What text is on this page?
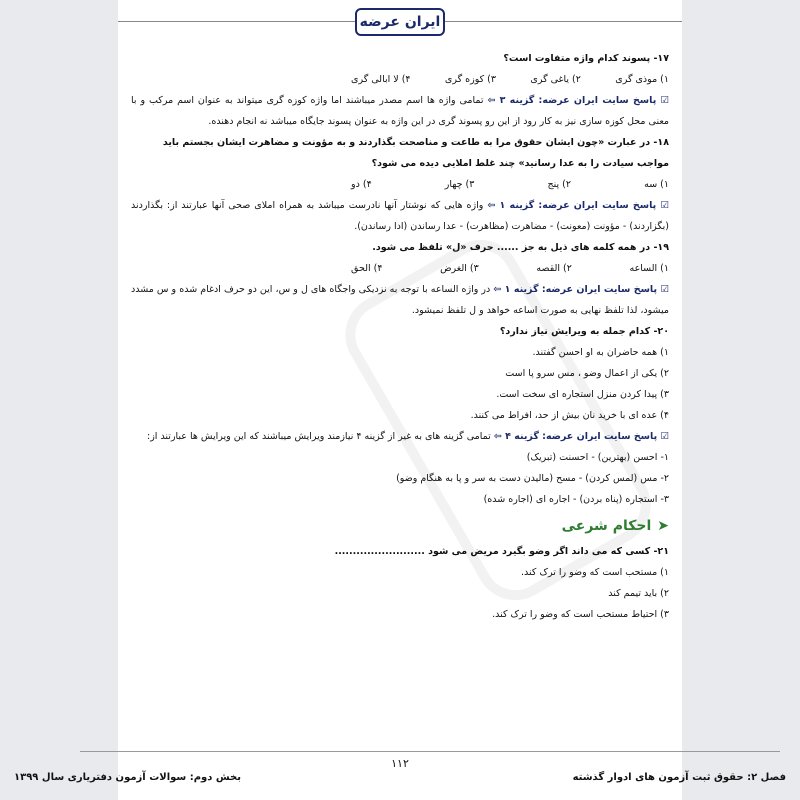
ایران عرضه
۱۷- پسوند کدام واژه متفاوت است؟
۱) موذی گری
۲) یاغی گری
۳) کوزه گری
۴) لا ابالی گری
☑ پاسخ سایت ایران عرضه: گزینه ۳ ⇦ تمامی واژه ها اسم مصدر میباشند اما واژه کوزه گری میتواند به عنوان اسم مرکب و با معنی محل کوزه سازی نیز به کار رود از این رو پسوند گری در این واژه به عنوان پسوند جایگاه میباشد نه انجام دهنده.
۱۸- در عبارت «چون ایشان حقوق مرا به طاعت و مناصحت بگذاردند و به مؤونت و مضاهرت ایشان بجستم باید مواجب سیادت را به عدا رسانید» چند غلط املایی دیده می شود؟
۱) سه
۲) پنج
۳) چهار
۴) دو
☑ پاسخ سایت ایران عرضه: گزینه ۱ ⇦ واژه هایی که نوشتار آنها نادرست میباشد به همراه املای صحی آنها عبارتند از: بگذاردند (بگزاردند) - مؤونت (معونت) - مضاهرت (مظاهرت) - عدا رساندن (ادا رساندن).
۱۹- در همه کلمه های ذیل به جز ...... حرف «ل» تلفظ می شود.
۱) الساعه
۲) القصه
۳) الغرض
۴) الحق
☑ پاسخ سایت ایران عرضه: گزینه ۱ ⇦ در واژه الساعه با توجه به نزدیکی واجگاه های ل و س، این دو حرف ادغام شده و س مشدد میشود، لذا تلفظ نهایی به صورت اساعه خواهد و ل تلفظ نمیشود.
۲۰- کدام جمله به ویرایش نیاز ندارد؟
۱) همه حاضران به او احسن گفتند.
۲) یکی از اعمال وضو ، مس سرو پا است
۳) پیدا کردن منزل استجاره ای سخت است.
۴) عده ای با خرید نان بیش از حد، افراط می کنند.
☑ پاسخ سایت ایران عرضه: گزینه ۴ ⇦ تمامی گزینه های به غیر از گزینه ۴ نیازمند ویرایش میباشند که این ویرایش ها عبارتند از:
۱- احسن (بهترین) - احسنت (تبریک)
۲- مس (لمس کردن) - مسح (مالیدن دست به سر و پا به هنگام وضو)
۳- استجاره (پناه بردن) - اجاره ای (اجاره شده)
➤احکام شرعی
۲۱- کسی که می داند اگر وضو بگیرد مریض می شود .........................
۱) مستحب است که وضو را ترک کند.
۲) باید تیمم کند
۳) احتیاط مستحب است که وضو را ترک کند.
۱۱۲
فصل ۲: حقوق ثبت آزمون های ادوار گذشته
بخش دوم: سوالات آزمون دفتریاری سال ۱۳۹۹
